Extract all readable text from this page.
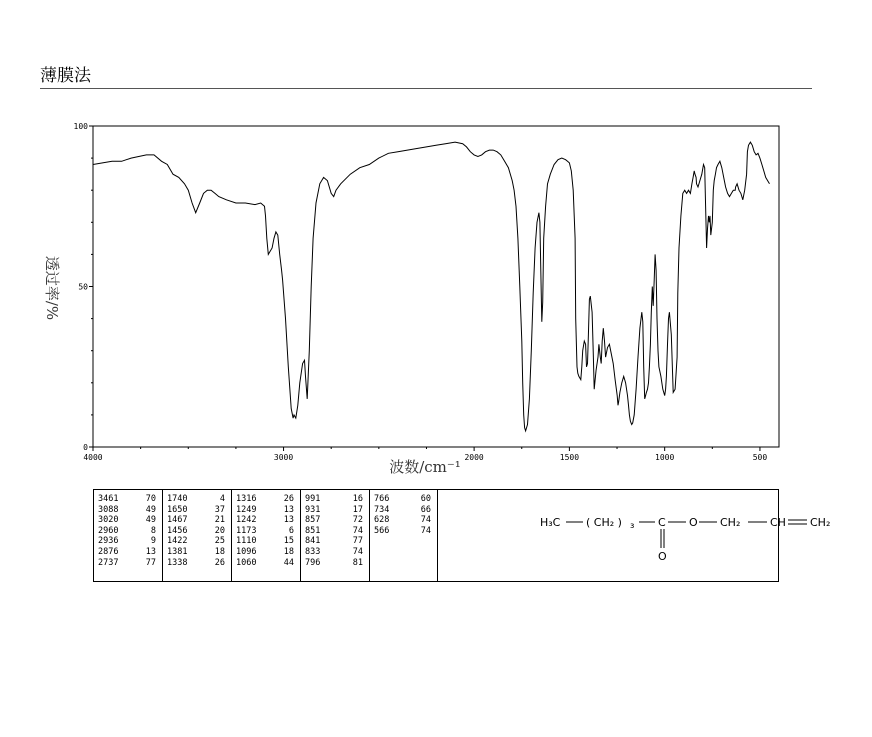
薄膜法
4000	3000	2000	1500	1000	500
0
50
100
波数/cm⁻¹
透过率/%
3461	70
3088	49
3020	49
2960	8
2936	9
2876	13
2737	77
1740	4
1650	37
1467	21
1456	20
1422	25
1381	18
1338	26
1316	26
1249	13
1242	13
1173	6
1110	15
1096	18
1060	44
991	16
931	17
857	72
851	74
841	77
833	74
796	81
766	60
734	66
628	74
566	74
H₃C ( CH₂ ) ₃ C
O
O CH₂	CH CH₂
